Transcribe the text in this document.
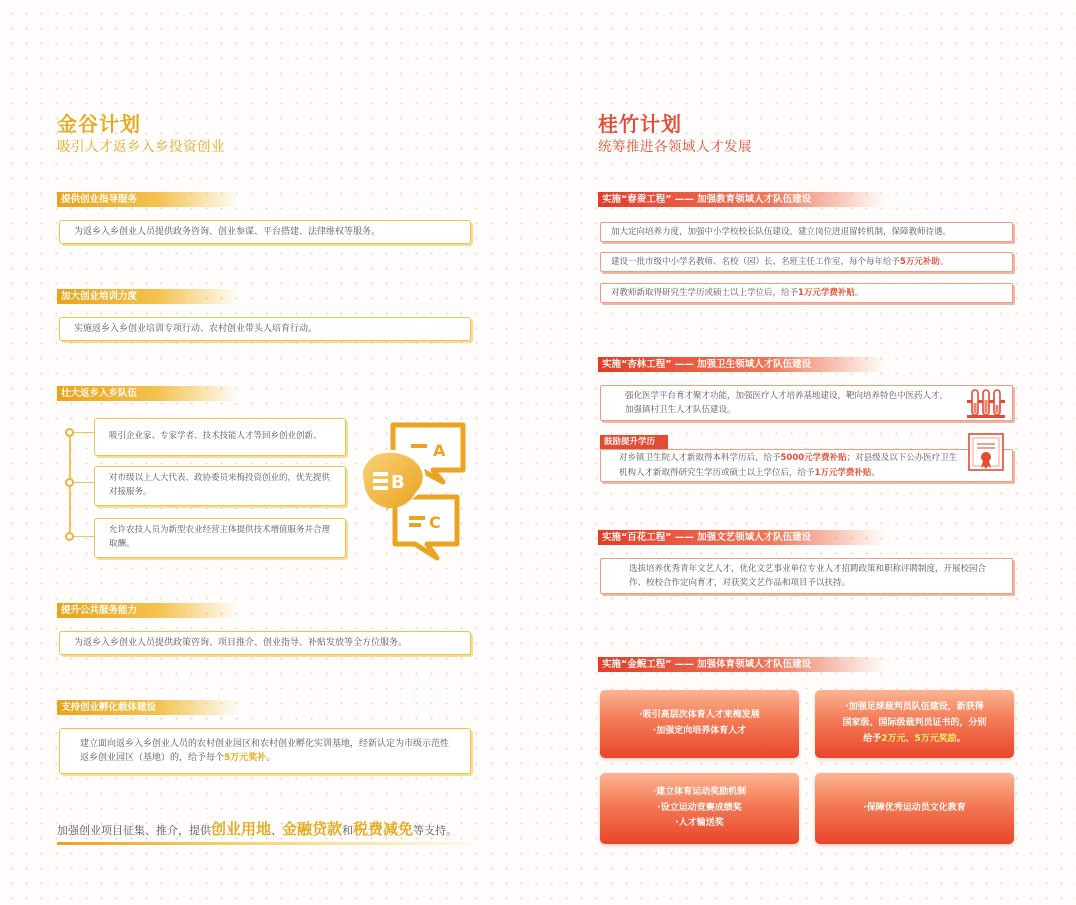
金谷计划
吸引人才返乡入乡投资创业
提供创业指导服务
为返乡入乡创业人员提供政务咨询、创业参谋、平台搭建、法律维权等服务。
加大创业培训力度
实施返乡入乡创业培训专项行动、农村创业带头人培育行动。
壮大返乡入乡队伍
吸引企业家、专家学者、技术技能人才等回乡创业创新。
对市级以上人大代表、政协委员来梅投资创业的，优先提供对接服务。
允许农技人员为新型农业经营主体提供技术增值服务并合理取酬。
A
C
B
提升公共服务能力
为返乡入乡创业人员提供政策咨询、项目推介、创业指导、补贴发放等全方位服务。
支持创业孵化载体建设
建立面向返乡入乡创业人员的农村创业园区和农村创业孵化实训基地，经新认定为市级示范性返乡创业园区（基地）的，给予每个5万元奖补。
加强创业项目征集、推介，提供创业用地、金融贷款和税费减免等支持。
桂竹计划
统筹推进各领域人才发展
实施“春蚕工程” —— 加强教育领域人才队伍建设
加大定向培养力度，加强中小学校校长队伍建设，建立岗位进退留转机制，保障教师待遇。
建设一批市级中小学名教师、名校（园）长、名班主任工作室，每个每年给予5万元补助。
对教师新取得研究生学历或硕士以上学位后，给予1万元学费补贴。
实施“杏林工程” —— 加强卫生领域人才队伍建设
强化医学平台育才聚才功能，加强医疗人才培养基地建设，靶向培养特色中医药人才，加强镇村卫生人才队伍建设。
鼓励提升学历
对乡镇卫生院人才新取得本科学历后，给予5000元学费补贴；对县级及以下公办医疗卫生机构人才新取得研究生学历或硕士以上学位后，给予1万元学费补贴。
实施“百花工程” —— 加强文艺领域人才队伍建设
选拔培养优秀青年文艺人才，优化文艺事业单位专业人才招聘政策和职称评聘制度，开展校园合作、校校合作定向育才，对获奖文艺作品和项目予以扶持。
实施“金鲵工程” —— 加强体育领域人才队伍建设
·吸引高层次体育人才来梅发展
·加强定向培养体育人才
·加强足球裁判员队伍建设，新获得
国家级、国际级裁判员证书的，分别
给予2万元、5万元奖励。
·建立体育运动奖励机制
·设立运动竞赛成绩奖
·人才输送奖
·保障优秀运动员文化教育
